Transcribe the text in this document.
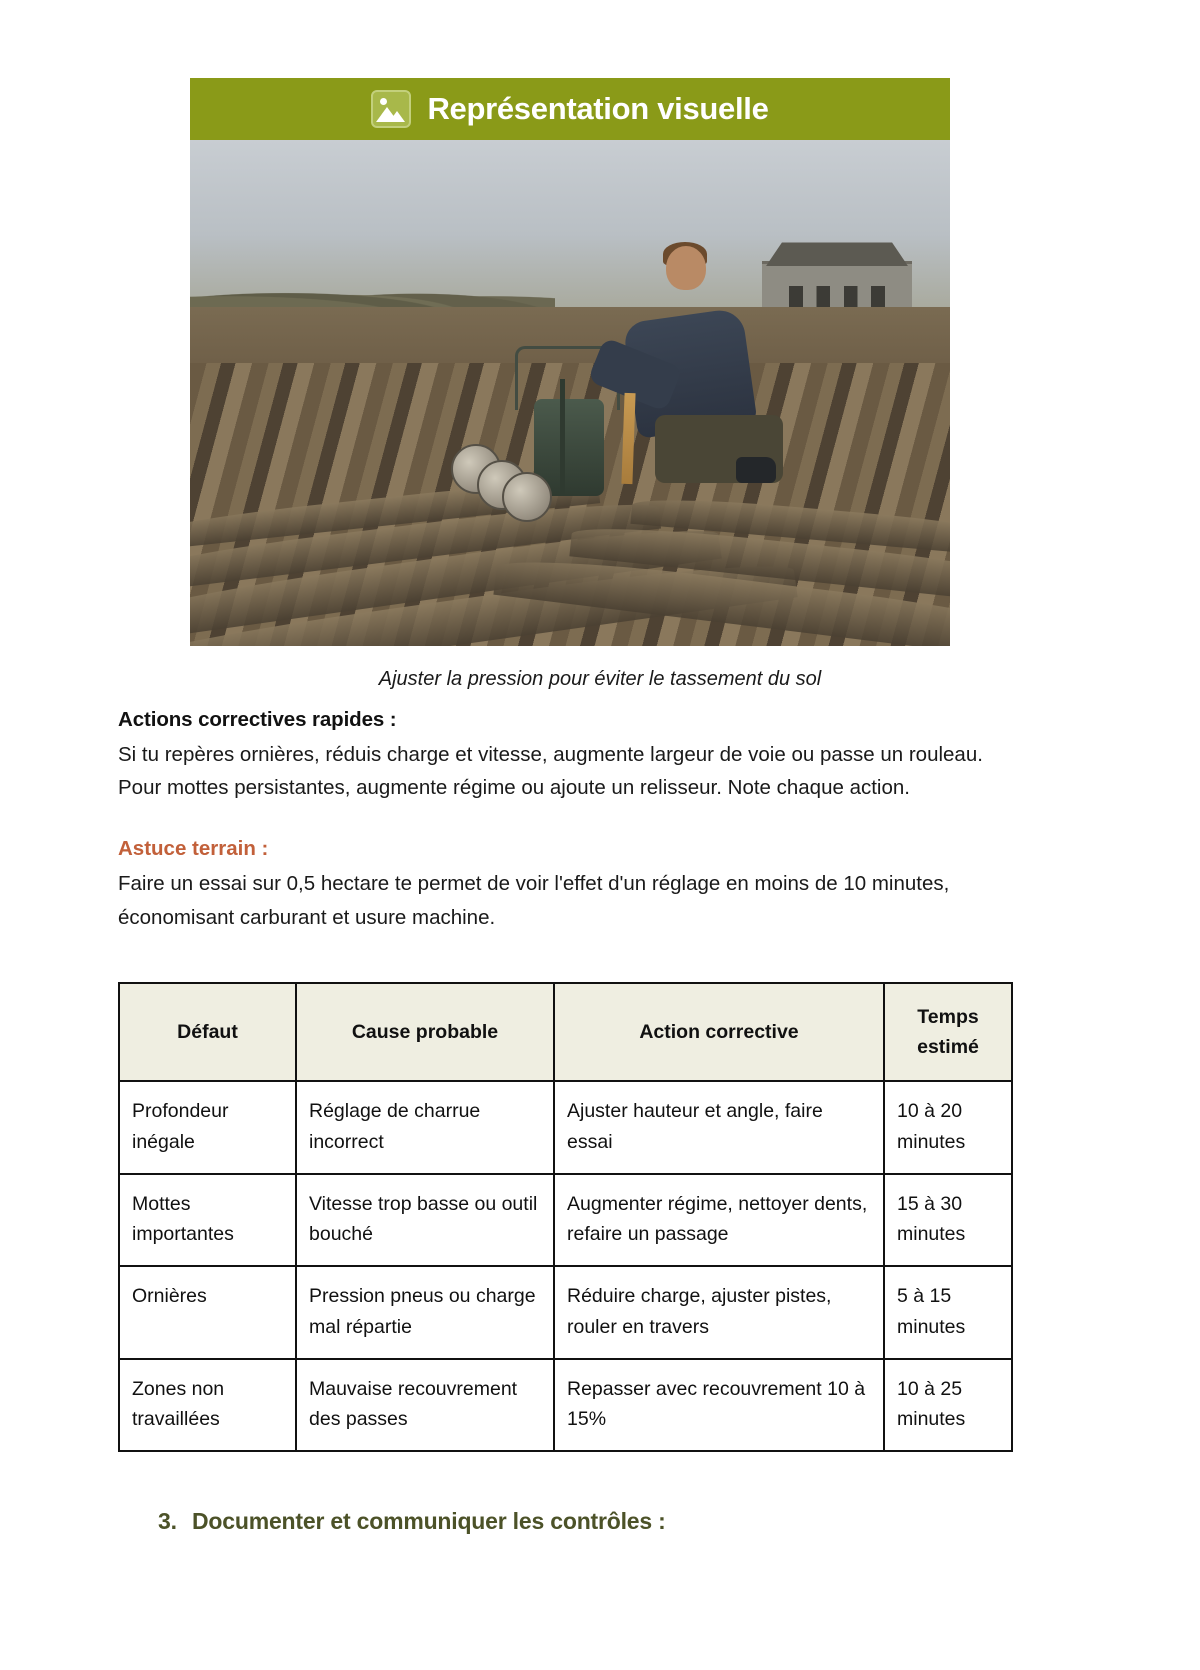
Représentation visuelle
Ajuster la pression pour éviter le tassement du sol

Actions correctives rapides :

Si tu repères ornières, réduis charge et vitesse, augmente largeur de voie ou passe un rouleau. Pour mottes persistantes, augmente régime ou ajoute un relisseur. Note chaque action.

Astuce terrain :

Faire un essai sur 0,5 hectare te permet de voir l'effet d'un réglage en moins de 10 minutes, économisant carburant et usure machine.

Défaut	Cause probable	Action corrective	Temps estimé
Profondeur inégale	Réglage de charrue incorrect	Ajuster hauteur et angle, faire essai	10 à 20 minutes
Mottes importantes	Vitesse trop basse ou outil bouché	Augmenter régime, nettoyer dents, refaire un passage	15 à 30 minutes
Ornières	Pression pneus ou charge mal répartie	Réduire charge, ajuster pistes, rouler en travers	5 à 15 minutes
Zones non travaillées	Mauvaise recouvrement des passes	Repasser avec recouvrement 10 à 15%	10 à 25 minutes
3. Documenter et communiquer les contrôles :
